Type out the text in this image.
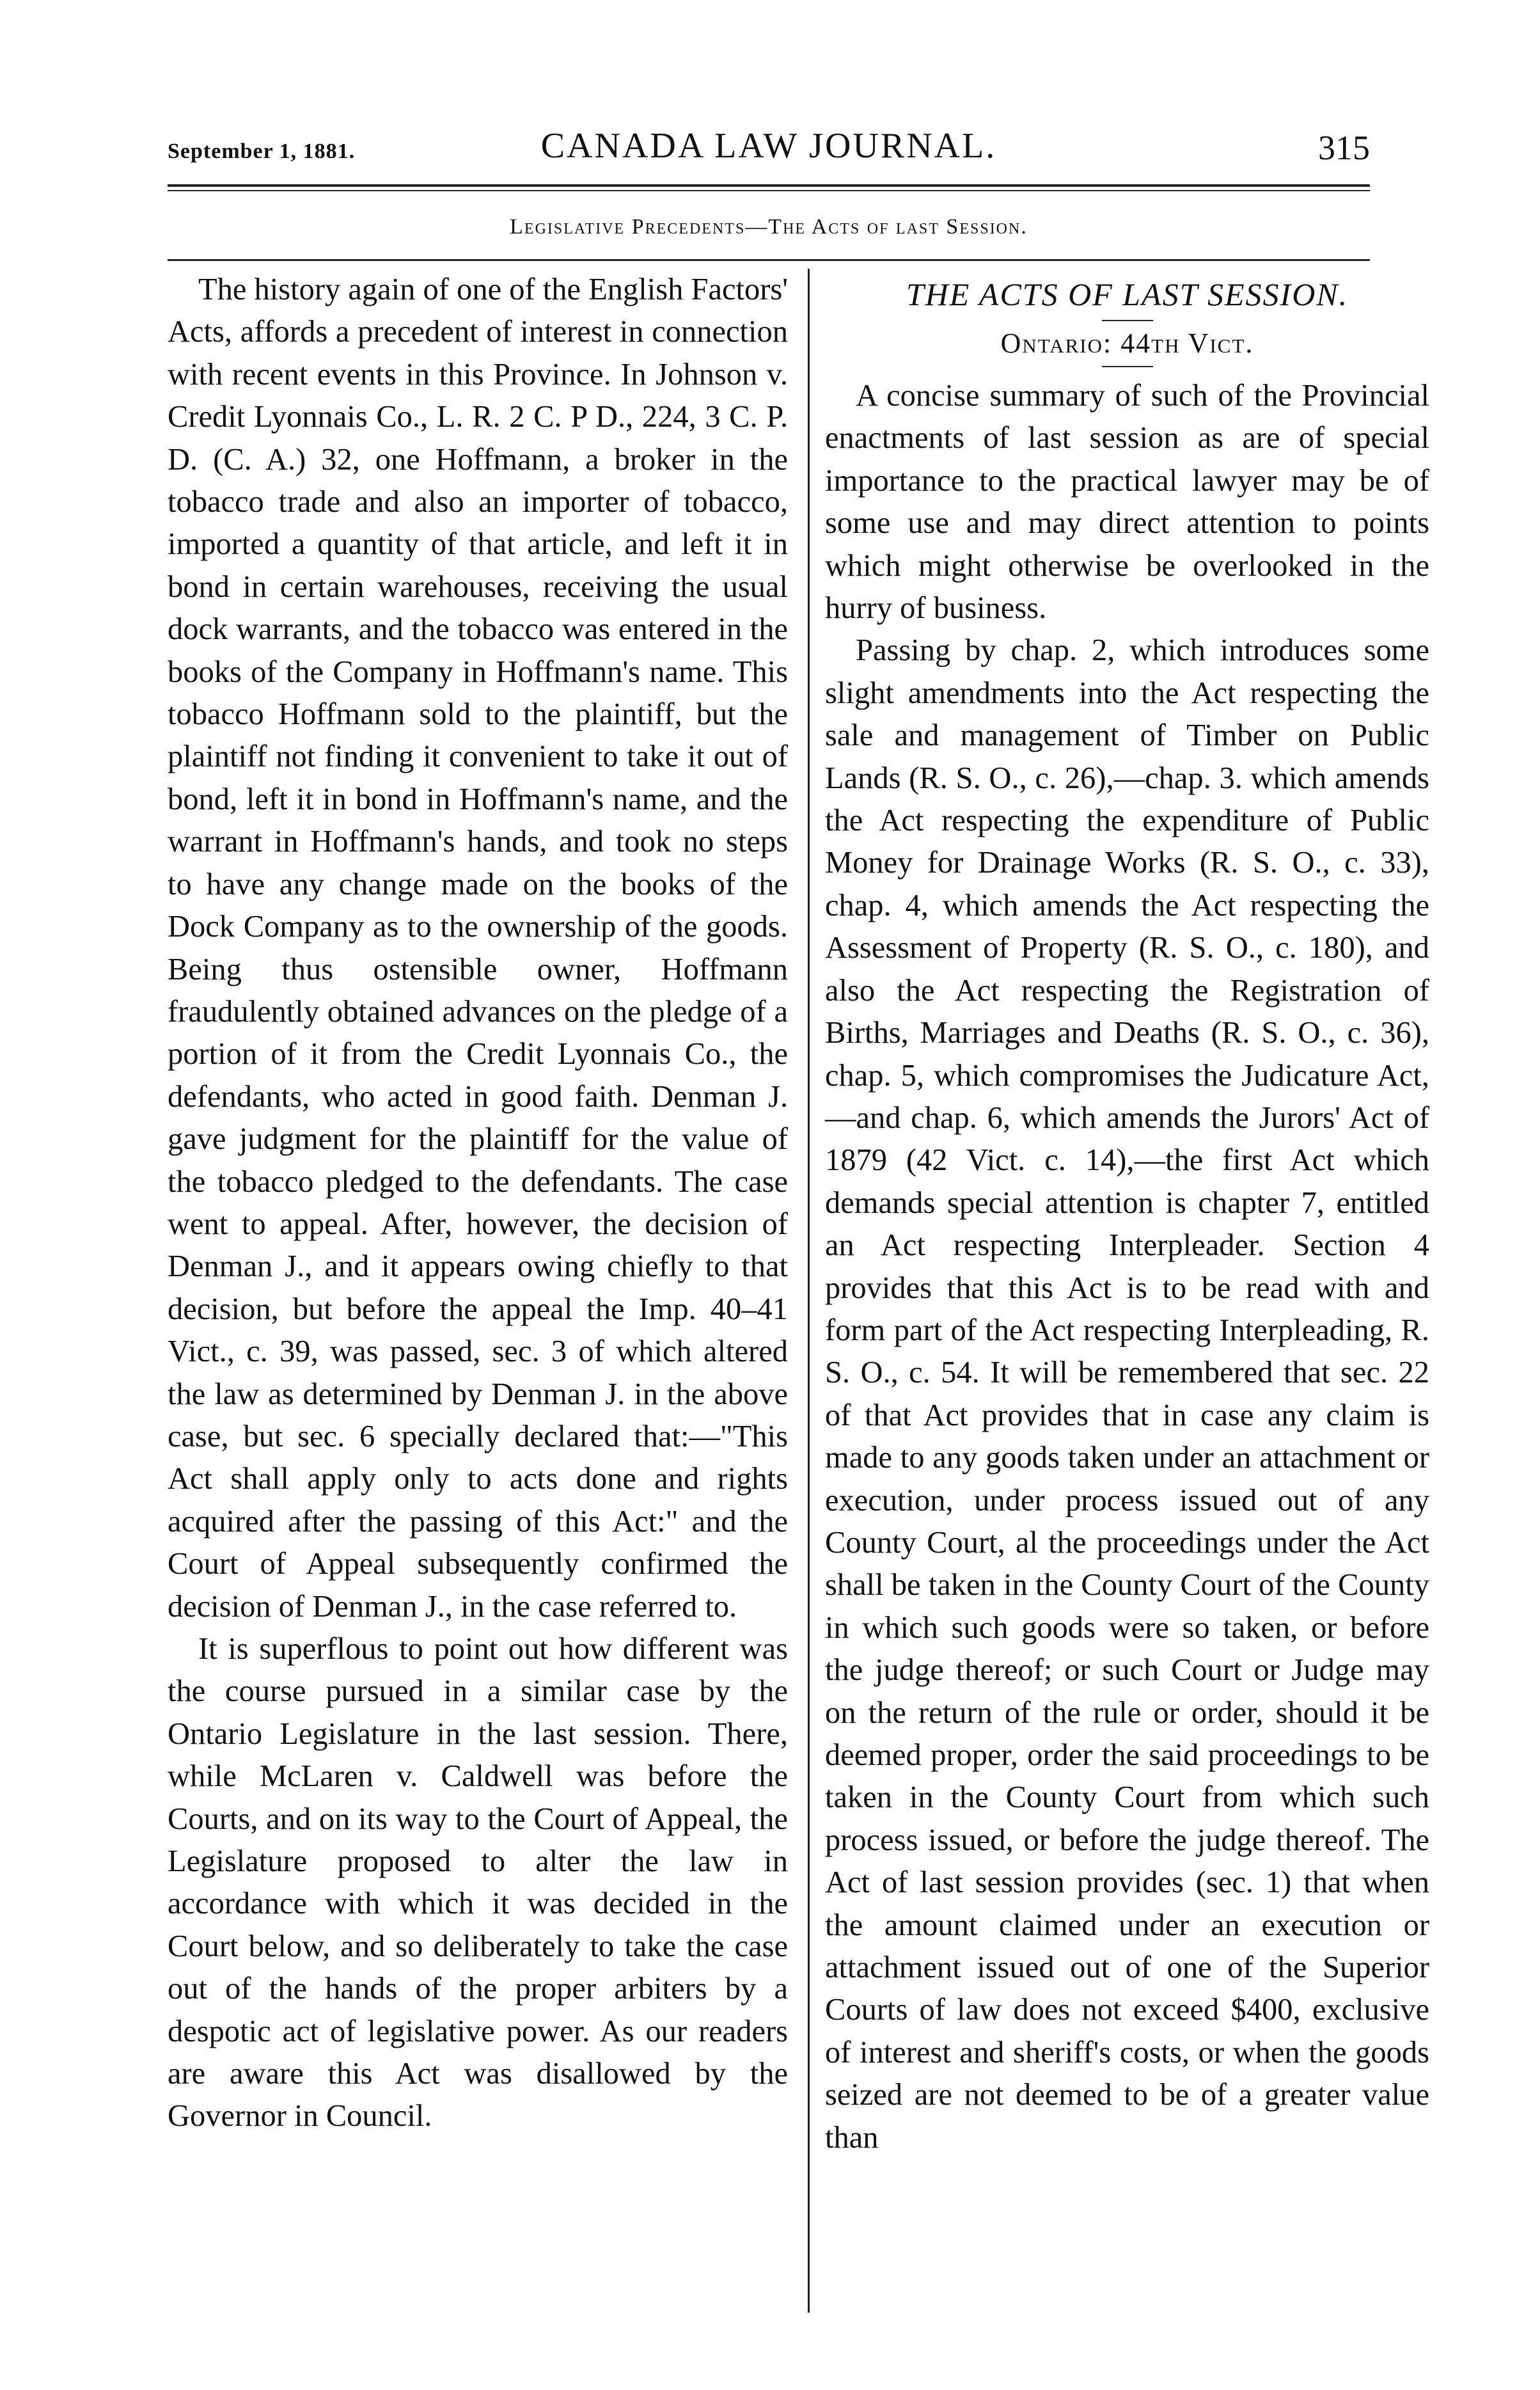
September 1, 1881.	CANADA LAW JOURNAL.	315
Legislative Precedents—The Acts of last Session.

The history again of one of the English Factors' Acts, affords a precedent of interest in connection with recent events in this Province. In Johnson v. Credit Lyonnais Co., L. R. 2 C. P D., 224, 3 C. P. D. (C. A.) 32, one Hoffmann, a broker in the tobacco trade and also an importer of tobacco, imported a quantity of that article, and left it in bond in certain warehouses, receiving the usual dock warrants, and the tobacco was entered in the books of the Company in Hoffmann's name. This tobacco Hoffmann sold to the plaintiff, but the plaintiff not finding it convenient to take it out of bond, left it in bond in Hoffmann's name, and the warrant in Hoffmann's hands, and took no steps to have any change made on the books of the Dock Company as to the ownership of the goods. Being thus ostensible owner, Hoffmann fraudulently obtained advances on the pledge of a portion of it from the Credit Lyonnais Co., the defendants, who acted in good faith. Denman J. gave judgment for the plaintiff for the value of the tobacco pledged to the defendants. The case went to appeal. After, however, the decision of Denman J., and it appears owing chiefly to that decision, but before the appeal the Imp. 40–41 Vict., c. 39, was passed, sec. 3 of which altered the law as determined by Denman J. in the above case, but sec. 6 specially declared that:—"This Act shall apply only to acts done and rights acquired after the passing of this Act:" and the Court of Appeal subsequently confirmed the decision of Denman J., in the case referred to.

It is superflous to point out how different was the course pursued in a similar case by the Ontario Legislature in the last session. There, while McLaren v. Caldwell was before the Courts, and on its way to the Court of Appeal, the Legislature proposed to alter the law in accordance with which it was decided in the Court below, and so deliberately to take the case out of the hands of the proper arbiters by a despotic act of legislative power. As our readers are aware this Act was disallowed by the Governor in Council.

THE ACTS OF LAST SESSION.
Ontario: 44th Vict.

A concise summary of such of the Provincial enactments of last session as are of special importance to the practical lawyer may be of some use and may direct attention to points which might otherwise be overlooked in the hurry of business.

Passing by chap. 2, which introduces some slight amendments into the Act respecting the sale and management of Timber on Public Lands (R. S. O., c. 26),—chap. 3. which amends the Act respecting the expenditure of Public Money for Drainage Works (R. S. O., c. 33), chap. 4, which amends the Act respecting the Assessment of Property (R. S. O., c. 180), and also the Act respecting the Registration of Births, Marriages and Deaths (R. S. O., c. 36), chap. 5, which compromises the Judicature Act,—and chap. 6, which amends the Jurors' Act of 1879 (42 Vict. c. 14),—the first Act which demands special attention is chapter 7, entitled an Act respecting Interpleader. Section 4 provides that this Act is to be read with and form part of the Act respecting Interpleading, R. S. O., c. 54. It will be remembered that sec. 22 of that Act provides that in case any claim is made to any goods taken under an attachment or execution, under process issued out of any County Court, al the proceedings under the Act shall be taken in the County Court of the County in which such goods were so taken, or before the judge thereof; or such Court or Judge may on the return of the rule or order, should it be deemed proper, order the said proceedings to be taken in the County Court from which such process issued, or before the judge thereof. The Act of last session provides (sec. 1) that when the amount claimed under an execution or attachment issued out of one of the Superior Courts of law does not exceed $400, exclusive of interest and sheriff's costs, or when the goods seized are not deemed to be of a greater value than
